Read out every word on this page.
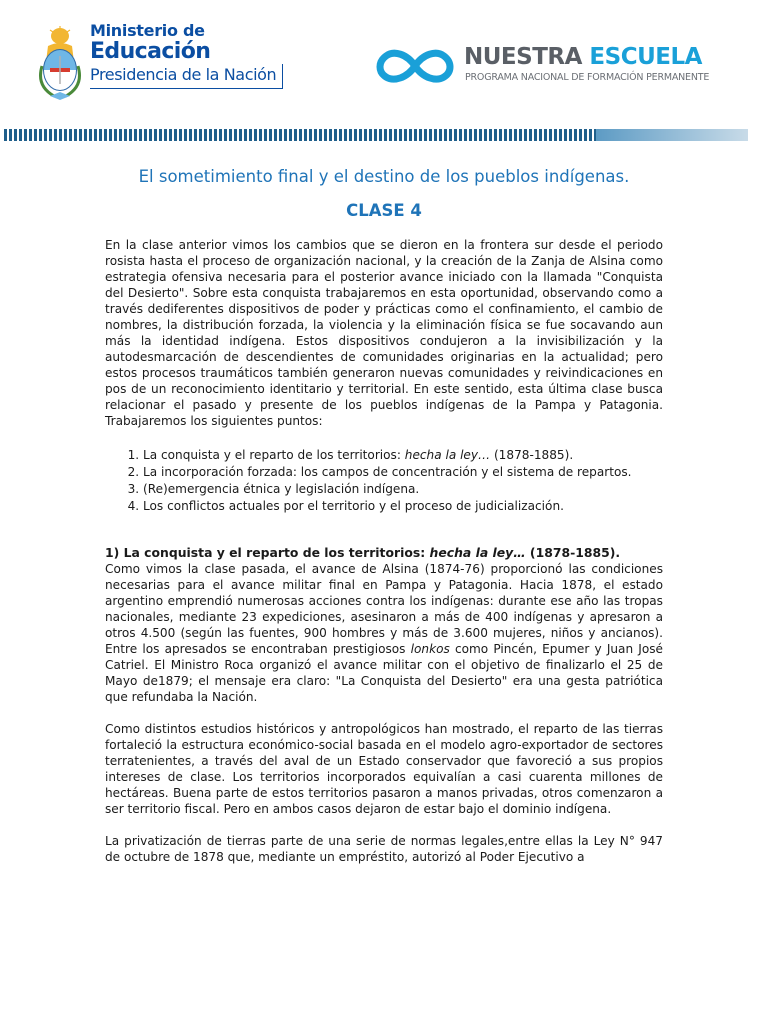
Ministerio de
Educación
Presidencia de la Nación
NUESTRA ESCUELA
PROGRAMA NACIONAL DE FORMACIÓN PERMANENTE
El sometimiento final y el destino de los pueblos indígenas.
CLASE 4

En la clase anterior vimos los cambios que se dieron en la frontera sur desde el periodo rosista hasta el proceso de organización nacional, y la creación de la Zanja de Alsina como estrategia ofensiva necesaria para el posterior avance iniciado con la llamada "Conquista del Desierto". Sobre esta conquista trabajaremos en esta oportunidad, observando como a través dediferentes dispositivos de poder y prácticas como el confinamiento, el cambio de nombres, la distribución forzada, la violencia y la eliminación física se fue socavando aun más la identidad indígena. Estos dispositivos condujeron a la invisibilización y la autodesmarcación de descendientes de comunidades originarias en la actualidad; pero estos procesos traumáticos también generaron nuevas comunidades y reivindicaciones en pos de un reconocimiento identitario y territorial. En este sentido, esta última clase busca relacionar el pasado y presente de los pueblos indígenas de la Pampa y Patagonia. Trabajaremos los siguientes puntos:

1. La conquista y el reparto de los territorios: hecha la ley… (1878-1885).
2. La incorporación forzada: los campos de concentración y el sistema de repartos.
3. (Re)emergencia étnica y legislación indígena.
4. Los conflictos actuales por el territorio y el proceso de judicialización.
1) La conquista y el reparto de los territorios: hecha la ley… (1878-1885).

Como vimos la clase pasada, el avance de Alsina (1874-76) proporcionó las condiciones necesarias para el avance militar final en Pampa y Patagonia. Hacia 1878, el estado argentino emprendió numerosas acciones contra los indígenas: durante ese año las tropas nacionales, mediante 23 expediciones, asesinaron a más de 400 indígenas y apresaron a otros 4.500 (según las fuentes, 900 hombres y más de 3.600 mujeres, niños y ancianos). Entre los apresados se encontraban prestigiosos lonkos como Pincén, Epumer y Juan José Catriel. El Ministro Roca organizó el avance militar con el objetivo de finalizarlo el 25 de Mayo de1879; el mensaje era claro: "La Conquista del Desierto" era una gesta patriótica que refundaba la Nación.

Como distintos estudios históricos y antropológicos han mostrado, el reparto de las tierras fortaleció la estructura económico-social basada en el modelo agro-exportador de sectores terratenientes, a través del aval de un Estado conservador que favoreció a sus propios intereses de clase. Los territorios incorporados equivalían a casi cuarenta millones de hectáreas. Buena parte de estos territorios pasaron a manos privadas, otros comenzaron a ser territorio fiscal. Pero en ambos casos dejaron de estar bajo el dominio indígena.

La privatización de tierras parte de una serie de normas legales,entre ellas la Ley N° 947 de octubre de 1878 que, mediante un empréstito, autorizó al Poder Ejecutivo a
